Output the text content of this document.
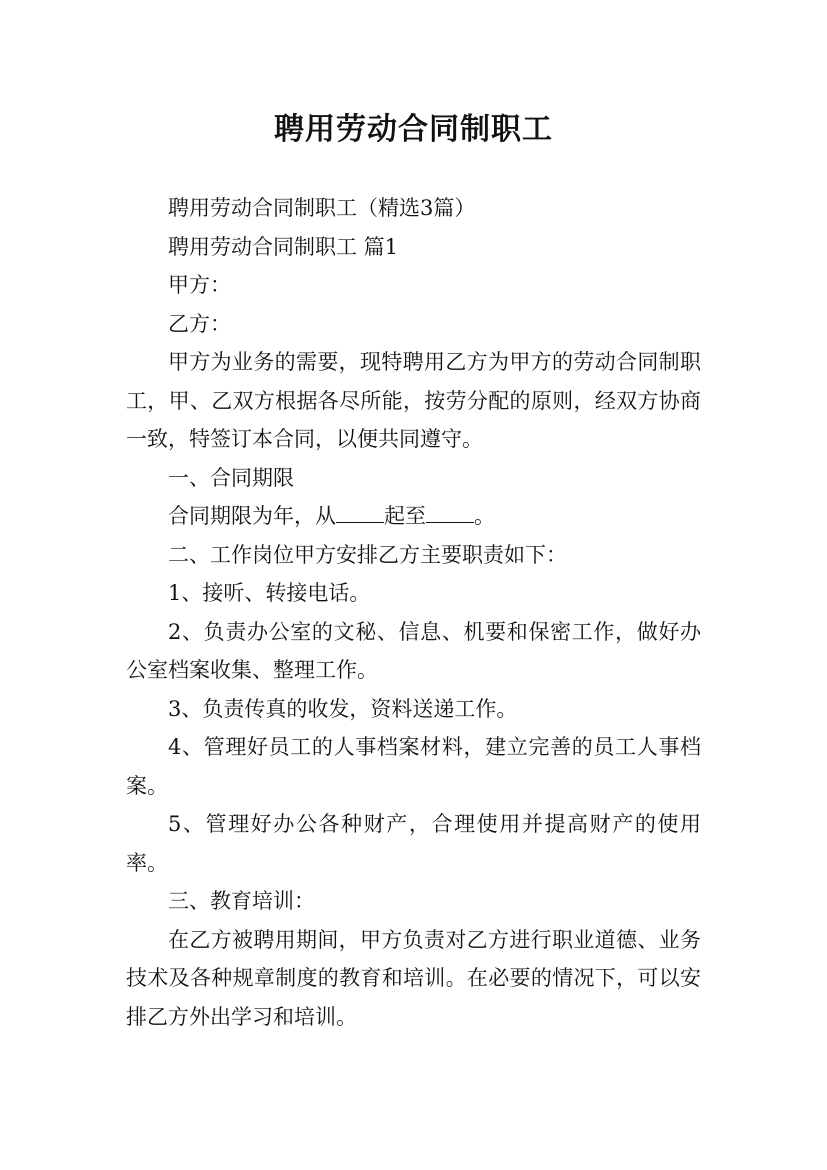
聘用劳动合同制职工

聘用劳动合同制职工（精选3篇）

聘用劳动合同制职工 篇1

甲方：

乙方：

甲方为业务的需要，现特聘用乙方为甲方的劳动合同制职工，甲、乙双方根据各尽所能，按劳分配的原则，经双方协商一致，特签订本合同，以便共同遵守。

一、合同期限

合同期限为年，从 起至 。

二、工作岗位甲方安排乙方主要职责如下：

1、接听、转接电话。

2、负责办公室的文秘、信息、机要和保密工作，做好办公室档案收集、整理工作。

3、负责传真的收发，资料送递工作。

4、管理好员工的人事档案材料，建立完善的员工人事档案。

5、管理好办公各种财产，合理使用并提高财产的使用率。

三、教育培训：

在乙方被聘用期间，甲方负责对乙方进行职业道德、业务技术及各种规章制度的教育和培训。在必要的情况下，可以安排乙方外出学习和培训。
